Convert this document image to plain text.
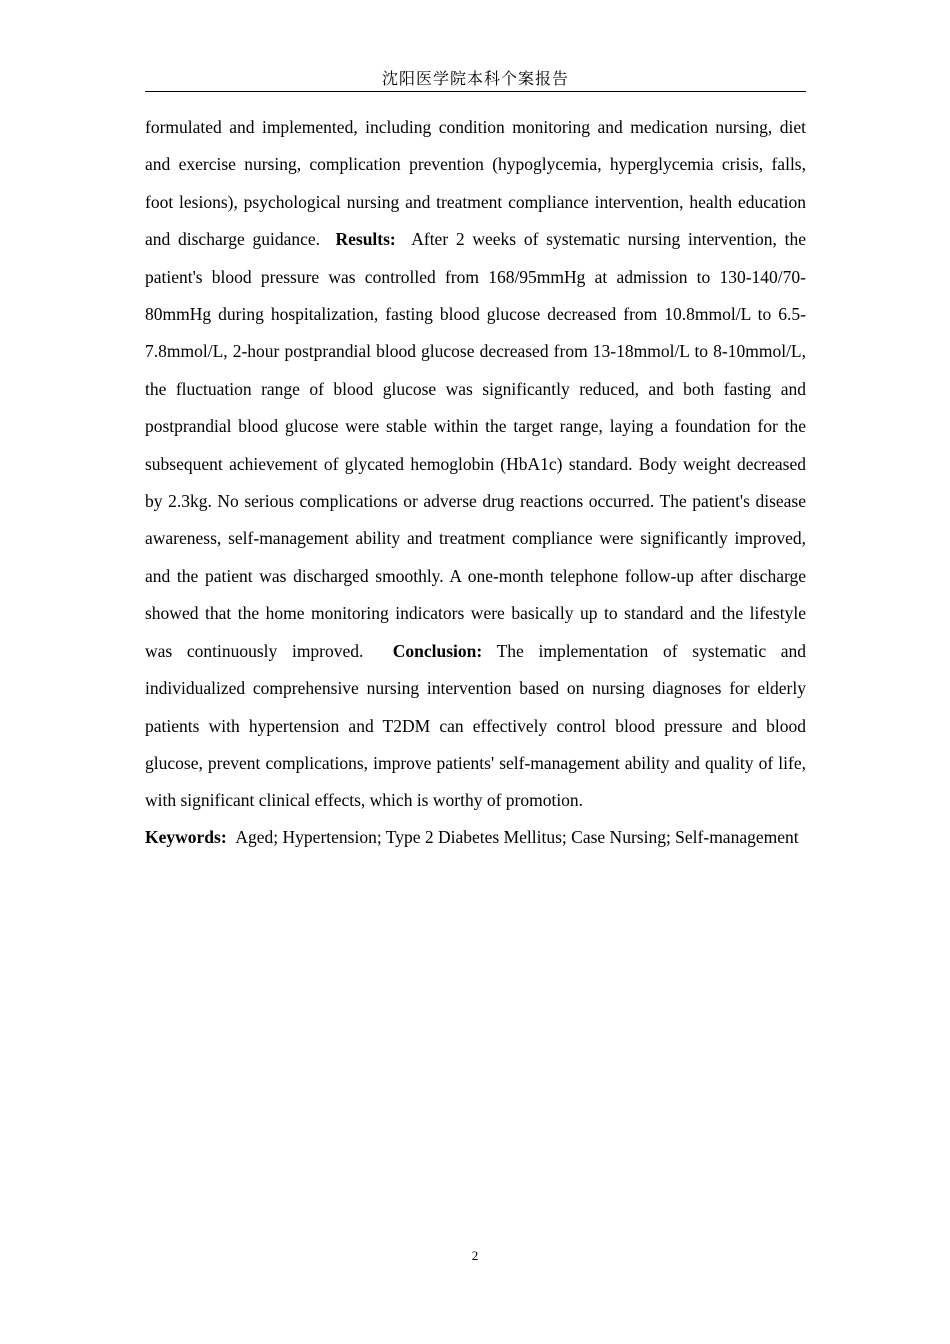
沈阳医学院本科个案报告

formulated and implemented, including condition monitoring and medication nursing, diet and exercise nursing, complication prevention (hypoglycemia, hyperglycemia crisis, falls, foot lesions), psychological nursing and treatment compliance intervention, health education and discharge guidance. Results: After 2 weeks of systematic nursing intervention, the patient's blood pressure was controlled from 168/95mmHg at admission to 130-140/70-80mmHg during hospitalization, fasting blood glucose decreased from 10.8mmol/L to 6.5-7.8mmol/L, 2-hour postprandial blood glucose decreased from 13-18mmol/L to 8-10mmol/L, the fluctuation range of blood glucose was significantly reduced, and both fasting and postprandial blood glucose were stable within the target range, laying a foundation for the subsequent achievement of glycated hemoglobin (HbA1c) standard. Body weight decreased by 2.3kg. No serious complications or adverse drug reactions occurred. The patient's disease awareness, self-management ability and treatment compliance were significantly improved, and the patient was discharged smoothly. A one-month telephone follow-up after discharge showed that the home monitoring indicators were basically up to standard and the lifestyle was continuously improved. Conclusion: The implementation of systematic and individualized comprehensive nursing intervention based on nursing diagnoses for elderly patients with hypertension and T2DM can effectively control blood pressure and blood glucose, prevent complications, improve patients' self-management ability and quality of life, with significant clinical effects, which is worthy of promotion.

Keywords: Aged; Hypertension; Type 2 Diabetes Mellitus; Case Nursing; Self-management

2
